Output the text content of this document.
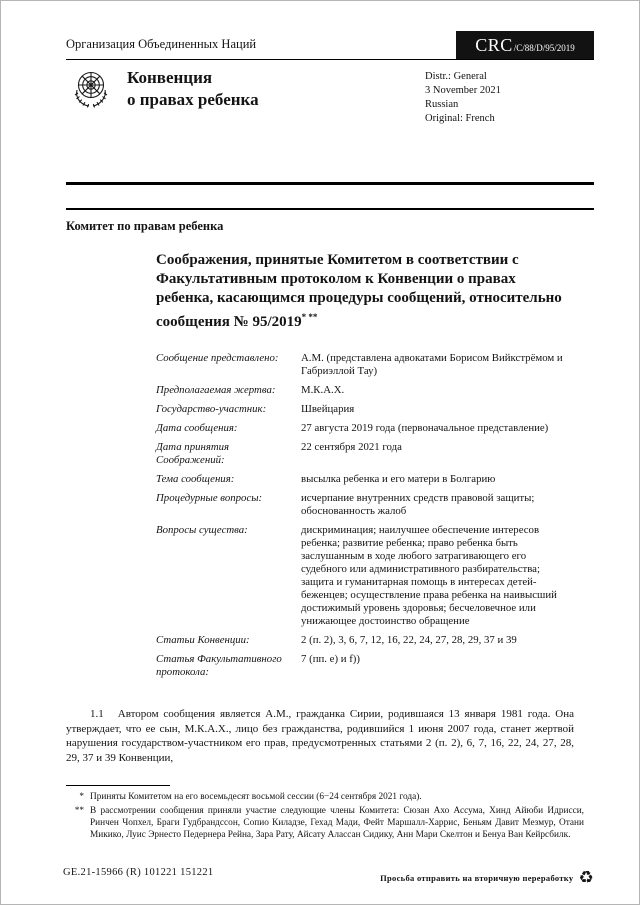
Организация Объединенных Наций	CRC /C/88/D/95/2019
Конвенция
о правах ребенка
Distr.: General
3 November 2021
Russian
Original: French
Комитет по правам ребенка
Соображения, принятые Комитетом в соответствии с Факультативным протоколом к Конвенции о правах ребенка, касающимся процедуры сообщений, относительно сообщения № 95/2019* **
Сообщение представлено:	А.М. (представлена адвокатами Борисом Вийкстрёмом и Габриэллой Тау)
Предполагаемая жертва:	М.К.А.Х.
Государство-участник:	Швейцария
Дата сообщения:	27 августа 2019 года (первоначальное представление)
Дата принятия Соображений:
22 сентября 2021 года
Тема сообщения:	высылка ребенка и его матери в Болгарию
Процедурные вопросы:	исчерпание внутренних средств правовой защиты; обоснованность жалоб
Вопросы существа:	дискриминация; наилучшее обеспечение интересов ребенка; развитие ребенка; право ребенка быть заслушанным в ходе любого затрагивающего его судебного или административного разбирательства; защита и гуманитарная помощь в интересах детей-беженцев; осуществление права ребенка на наивысший достижимый уровень здоровья; бесчеловечное или унижающее достоинство обращение
Статьи Конвенции:	2 (п. 2), 3, 6, 7, 12, 16, 22, 24, 27, 28, 29, 37 и 39
Статья Факультативного протокола:
7 (пп. e) и f))
1.1 Автором сообщения является А.М., гражданка Сирии, родившаяся 13 января 1981 года. Она утверждает, что ее сын, М.К.А.Х., лицо без гражданства, родившийся 1 июня 2007 года, станет жертвой нарушения государством-участником его прав, предусмотренных статьями 2 (п. 2), 6, 7, 16, 22, 24, 27, 28, 29, 37 и 39 Конвенции,
* Приняты Комитетом на его восемьдесят восьмой сессии (6−24 сентября 2021 года).
** В рассмотрении сообщения приняли участие следующие члены Комитета: Сюзан Ахо Ассума, Хинд Айюби Идрисси, Ринчен Чопхел, Браги Гудбрандссон, Сопио Киладзе, Гехад Мади, Фейт Маршалл-Харрис, Беньям Давит Мезмур, Отани Микико, Луис Эрнесто Педернера Рейна, Зара Рату, Айсату Алассан Сидику, Анн Мари Скелтон и Бенуа Ван Кейрсбилк.
GE.21-15966 (R) 101221 151221	Просьба отправить на вторичную переработку ♻
